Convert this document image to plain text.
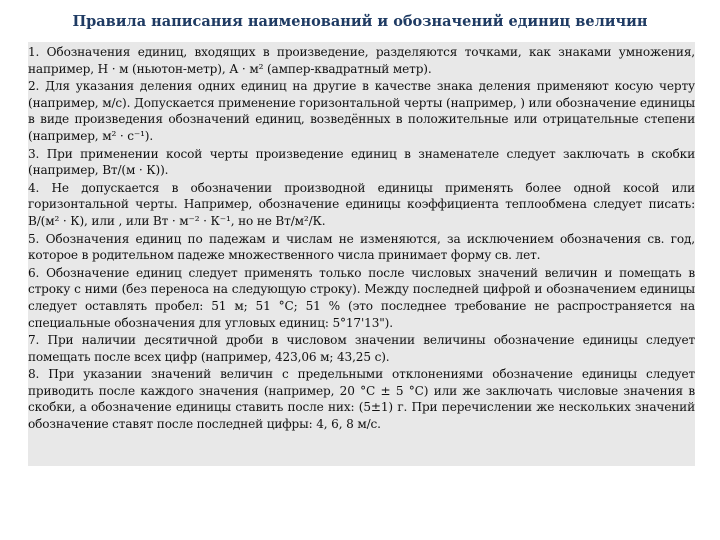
Правила написания наименований и обозначений единиц величин

1. Обозначения единиц, входящих в произведение, разделяются точками, как знаками умножения, например, Н · м (ньютон-метр), А · м² (ампер-квадратный метр).

2. Для указания деления одних единиц на другие в качестве знака деления применяют косую черту (например, м/с). Допускается применение горизонтальной черты (например, ) или обозначение единицы в виде произведения обозначений единиц, возведённых в положительные или отрицательные степени (например, м² · с⁻¹).

3. При применении косой черты произведение единиц в знаменателе следует заключать в скобки (например, Вт/(м · К)).

4. Не допускается в обозначении производной единицы применять более одной косой или горизонтальной черты. Например, обозначение единицы коэффициента теплообмена следует писать: В/(м² · К), или , или Вт · м⁻² · К⁻¹, но не Вт/м²/К.

5. Обозначения единиц по падежам и числам не изменяются, за исключением обозначения св. год, которое в родительном падеже множественного числа принимает форму св. лет.

6. Обозначение единиц следует применять только после числовых значений величин и помещать в строку с ними (без переноса на следующую строку). Между последней цифрой и обозначением единицы следует оставлять пробел: 51 м; 51 °С; 51 % (это последнее требование не распространяется на специальные обозначения для угловых единиц: 5°17'13").

7. При наличии десятичной дроби в числовом значении величины обозначение единицы следует помещать после всех цифр (например, 423,06 м; 43,25 с).

8. При указании значений величин с предельными отклонениями обозначение единицы следует приводить после каждого значения (например, 20 °С ± 5 °С) или же заключать числовые значения в скобки, а обозначение единицы ставить после них: (5±1) г. При перечислении же нескольких значений обозначение ставят после последней цифры: 4, 6, 8 м/с.
